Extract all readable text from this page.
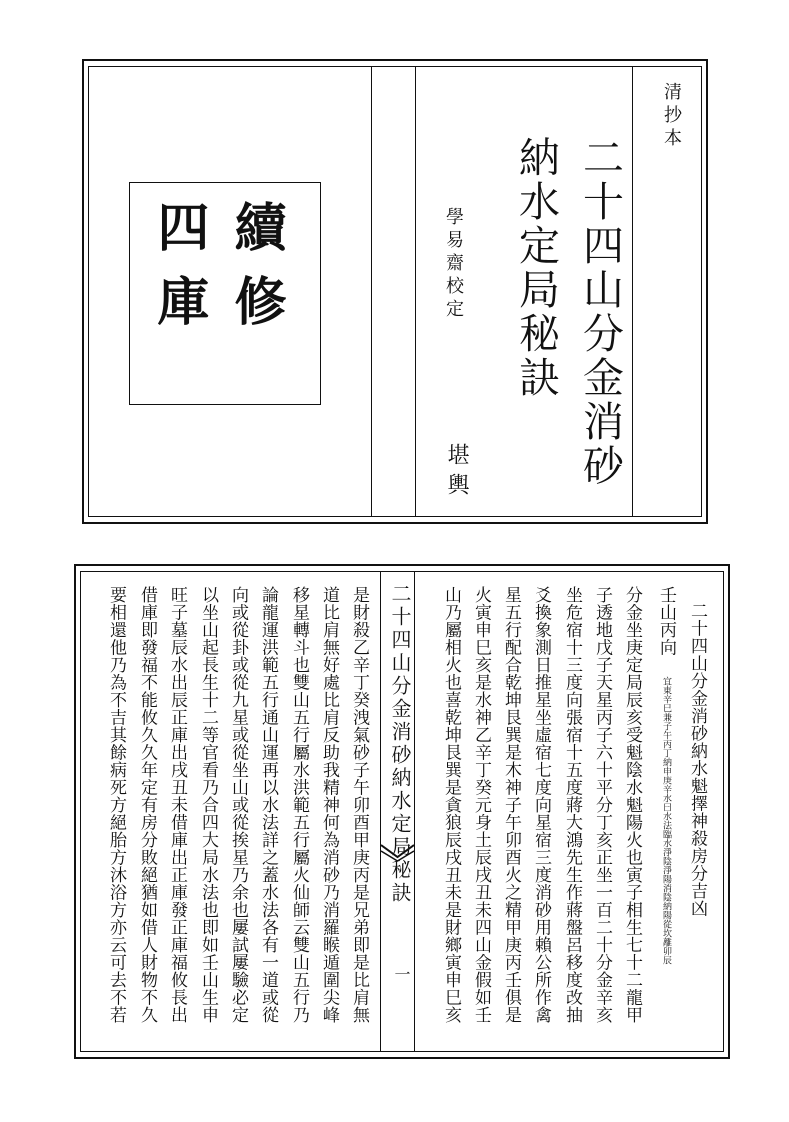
續修
四庫
清抄本
二十四山分金消砂
納水定局秘訣
學易齋校定
堪輿
二十四山分金消砂納水定局秘訣
一
二十四山分金消砂納水魁擇神殺房分吉凶
壬山丙向 宜東辛巳兼子午丙丁納申庚辛水曰水法臨水淨陰淨陽消陰納陽從坎離卯辰
分金坐庚定局辰亥受魁陰水魁陽火也寅子相生七十二龍甲
子透地戊子天星丙子六十平分丁亥正坐一百二十分金辛亥
坐危宿十三度向張宿十五度蔣大鴻先生作蔣盤呂移度改抽
爻換象測日推星坐虛宿七度向星宿三度消砂用賴公所作禽
星五行配合乾坤艮巽是木神子午卯酉火之精甲庚丙壬俱是
火寅申巳亥是水神乙辛丁癸元身土辰戌丑未四山金假如壬
山乃屬相火也喜乾坤艮巽是貪狼辰戌丑未是財鄉寅申巳亥
是財殺乙辛丁癸洩氣砂子午卯酉甲庚丙是兄弟即是比肩無
道比肩無好處比肩反助我精神何為消砂乃消羅睺遁圍尖峰
移星轉斗也雙山五行屬水洪範五行屬火仙師云雙山五行乃
論龍運洪範五行通山運再以水法詳之蓋水法各有一道或從
向或從卦或從九星或從坐山或從挨星乃余也屢試屢驗必定
以坐山起長生十二等官看乃合四大局水法也即如壬山生申
旺子墓辰水出辰正庫出戌丑未借庫出正庫發正庫福攸長出
借庫即發福不能攸久久年定有房分敗絕猶如借人財物不久
要相還他乃為不吉其餘病死方絕胎方沐浴方亦云可去不若
